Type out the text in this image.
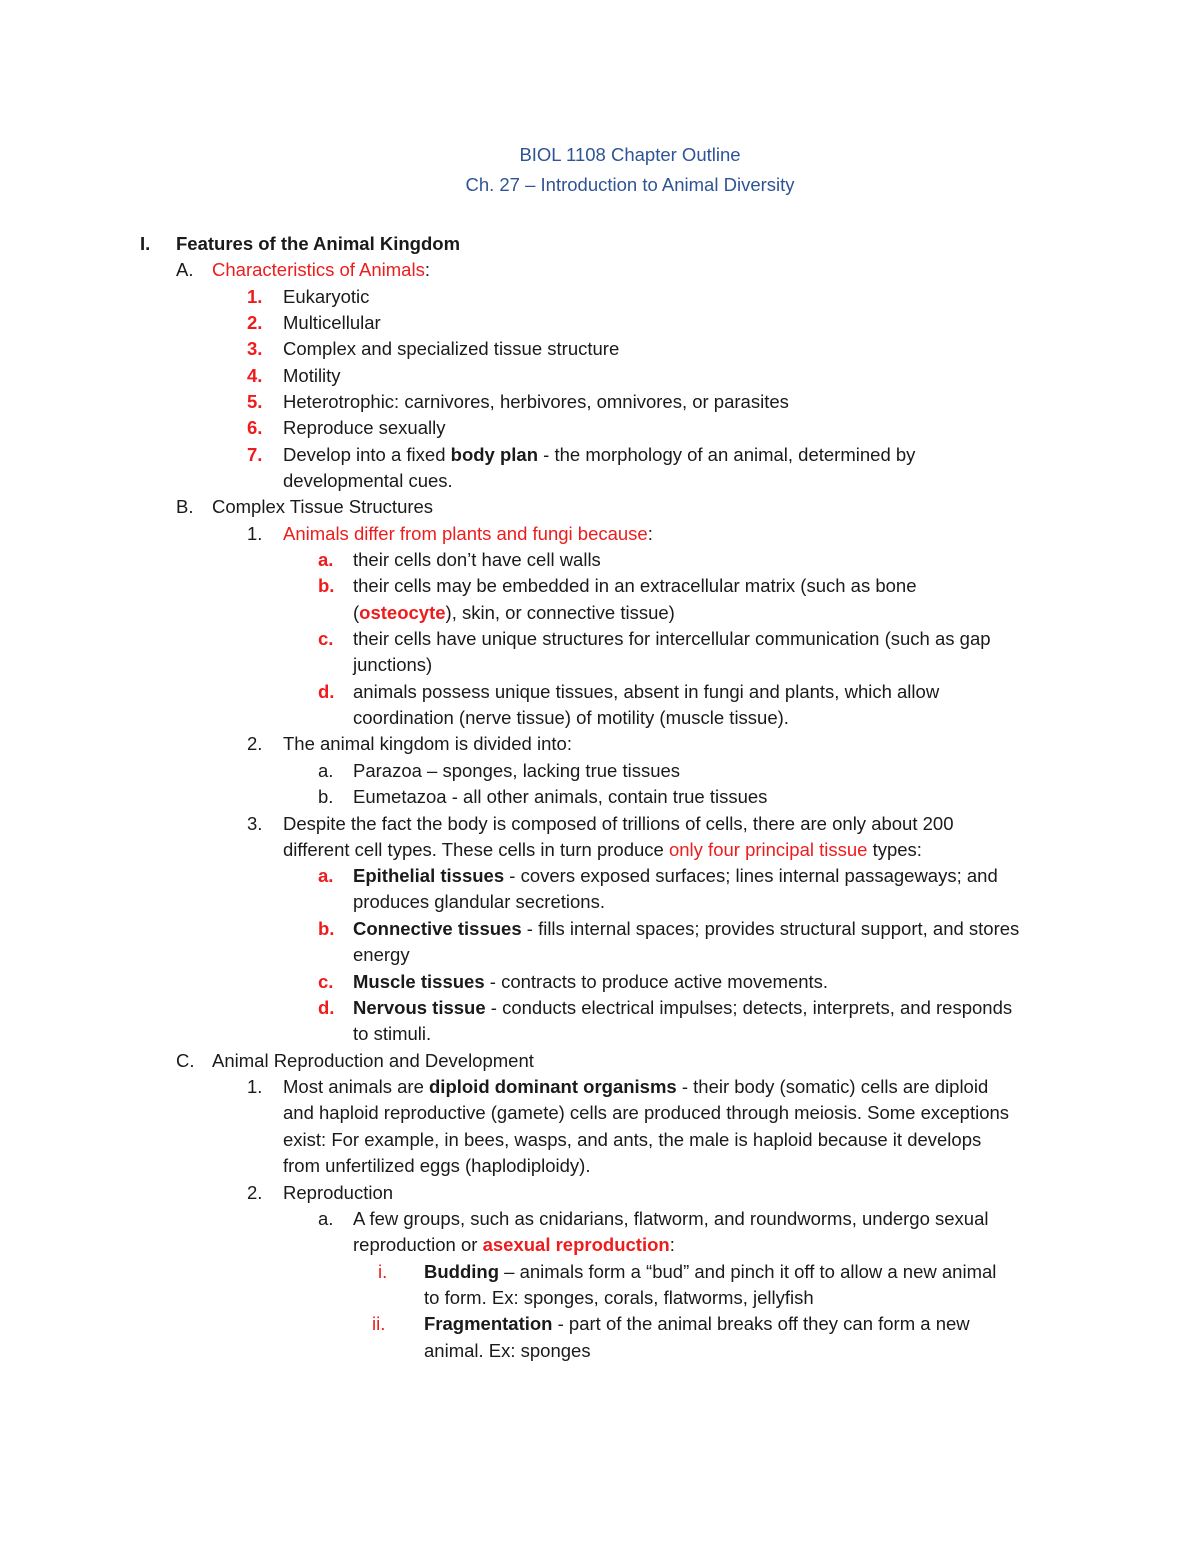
BIOL 1108 Chapter Outline
Ch. 27 – Introduction to Animal Diversity
I. Features of the Animal Kingdom
A. Characteristics of Animals:
1. Eukaryotic
2. Multicellular
3. Complex and specialized tissue structure
4. Motility
5. Heterotrophic: carnivores, herbivores, omnivores, or parasites
6. Reproduce sexually
7. Develop into a fixed body plan - the morphology of an animal, determined by
developmental cues.
B. Complex Tissue Structures
1. Animals differ from plants and fungi because:
a. their cells don’t have cell walls
b. their cells may be embedded in an extracellular matrix (such as bone
(osteocyte), skin, or connective tissue)
c. their cells have unique structures for intercellular communication (such as gap
junctions)
d. animals possess unique tissues, absent in fungi and plants, which allow
coordination (nerve tissue) of motility (muscle tissue).
2. The animal kingdom is divided into:
a. Parazoa – sponges, lacking true tissues
b. Eumetazoa - all other animals, contain true tissues
3. Despite the fact the body is composed of trillions of cells, there are only about 200
different cell types. These cells in turn produce only four principal tissue types:
a. Epithelial tissues - covers exposed surfaces; lines internal passageways; and
produces glandular secretions.
b. Connective tissues - fills internal spaces; provides structural support, and stores
energy
c. Muscle tissues - contracts to produce active movements.
d. Nervous tissue - conducts electrical impulses; detects, interprets, and responds
to stimuli.
C. Animal Reproduction and Development
1. Most animals are diploid dominant organisms - their body (somatic) cells are diploid
and haploid reproductive (gamete) cells are produced through meiosis. Some exceptions
exist: For example, in bees, wasps, and ants, the male is haploid because it develops
from unfertilized eggs (haplodiploidy).
2. Reproduction
a. A few groups, such as cnidarians, flatworm, and roundworms, undergo sexual
reproduction or asexual reproduction:
i. Budding – animals form a “bud” and pinch it off to allow a new animal
to form. Ex: sponges, corals, flatworms, jellyfish
ii. Fragmentation - part of the animal breaks off they can form a new
animal. Ex: sponges
